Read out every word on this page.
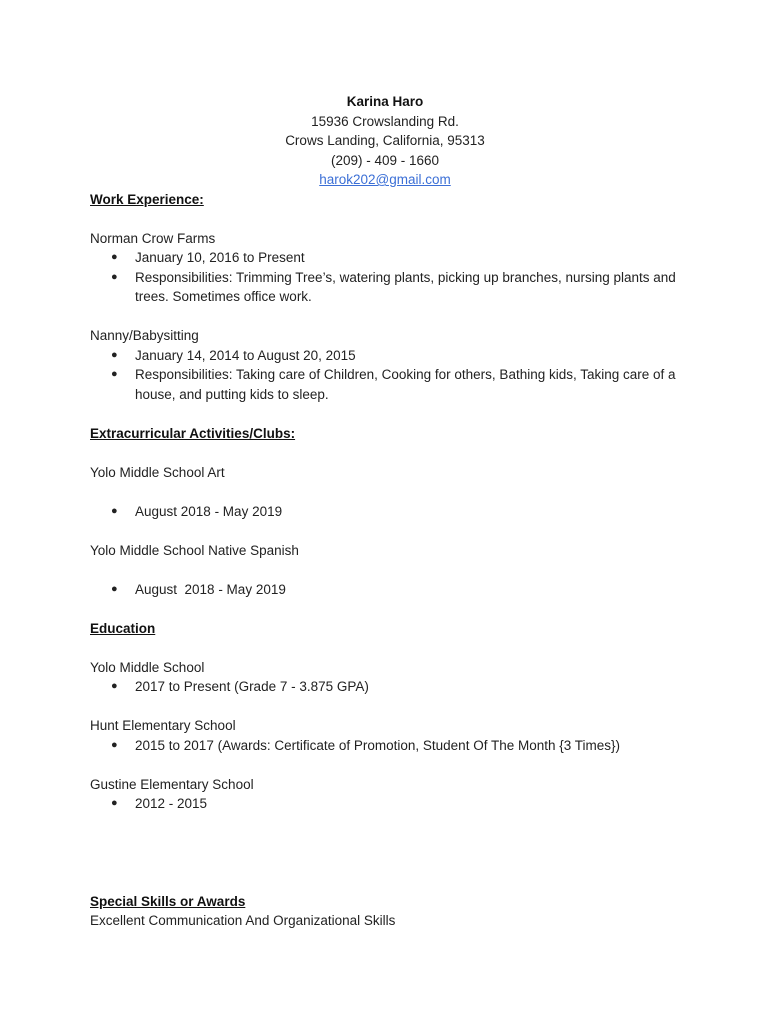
Karina Haro
15936 Crowslanding Rd.
Crows Landing, California, 95313
(209) - 409 - 1660
harok202@gmail.com
Work Experience:
Norman Crow Farms
● January 10, 2016 to Present
● Responsibilities: Trimming Tree’s, watering plants, picking up branches, nursing plants and trees. Sometimes office work.
Nanny/Babysitting
● January 14, 2014 to August 20, 2015
● Responsibilities: Taking care of Children, Cooking for others, Bathing kids, Taking care of a house, and putting kids to sleep.
Extracurricular Activities/Clubs:
Yolo Middle School Art
● August 2018 - May 2019
Yolo Middle School Native Spanish
● August  2018 - May 2019
Education
Yolo Middle School
● 2017 to Present (Grade 7 - 3.875 GPA)
Hunt Elementary School
● 2015 to 2017 (Awards: Certificate of Promotion, Student Of The Month {3 Times})
Gustine Elementary School
● 2012 - 2015
Special Skills or Awards
Excellent Communication And Organizational Skills
